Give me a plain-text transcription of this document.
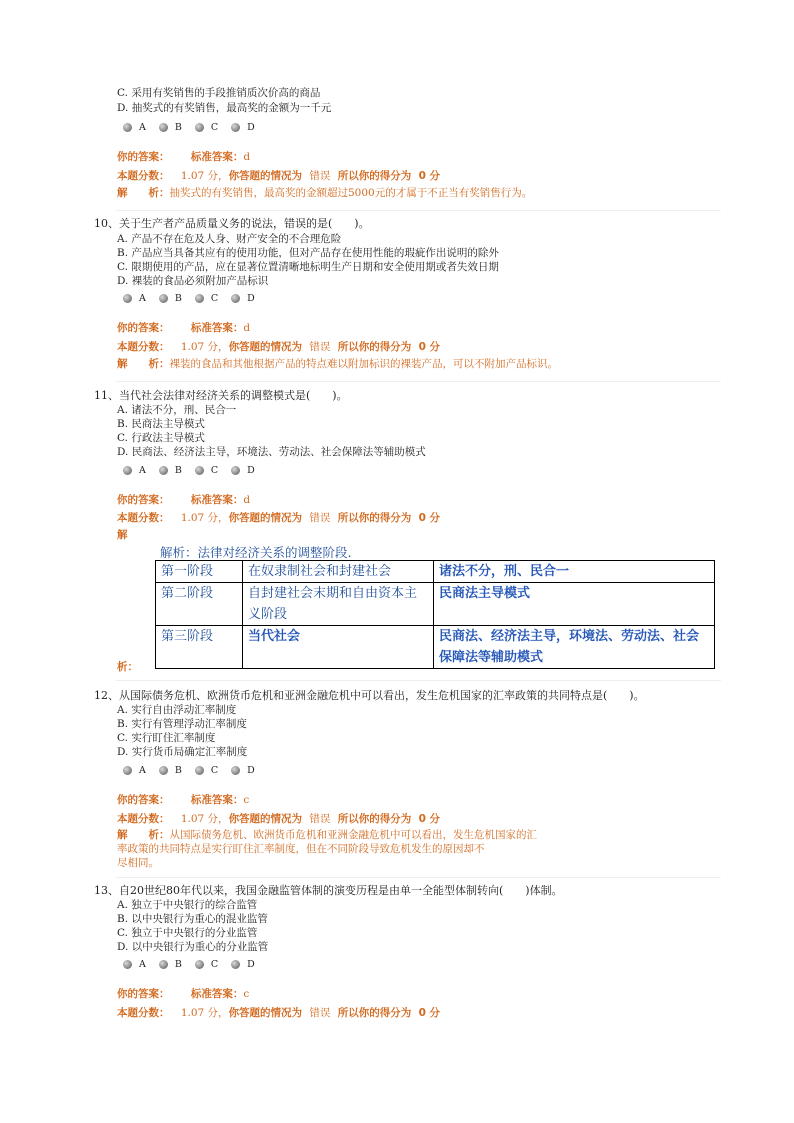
C. 采用有奖销售的手段推销质次价高的商品
D. 抽奖式的有奖销售，最高奖的金额为一千元
A	B	C	D
你的答案： 标准答案：d
本题分数： 1.07 分，你答题的情况为 错误 所以你的得分为 0 分
解　　析：抽奖式的有奖销售，最高奖的金额超过5000元的才属于不正当有奖销售行为。
10、关于生产者产品质量义务的说法，错误的是(　　)。
A. 产品不存在危及人身、财产安全的不合理危险
B. 产品应当具备其应有的使用功能，但对产品存在使用性能的瑕疵作出说明的除外
C. 限期使用的产品，应在显著位置清晰地标明生产日期和安全使用期或者失效日期
D. 裸装的食品必须附加产品标识
A	B	C	D
你的答案： 标准答案：d
本题分数： 1.07 分，你答题的情况为 错误 所以你的得分为 0 分
解　　析：裸装的食品和其他根据产品的特点难以附加标识的裸装产品，可以不附加产品标识。
11、当代社会法律对经济关系的调整模式是(　　)。
A. 诸法不分，刑、民合一
B. 民商法主导模式
C. 行政法主导模式
D. 民商法、经济法主导，环境法、劳动法、社会保障法等辅助模式
A	B	C	D
你的答案： 标准答案：d
本题分数： 1.07 分，你答题的情况为 错误 所以你的得分为 0 分
解
解析：法律对经济关系的调整阶段.
第一阶段	在奴隶制社会和封建社会	诸法不分，刑、民合一
第二阶段	自封建社会末期和自由资本主义阶段	民商法主导模式
第三阶段	当代社会	民商法、经济法主导，环境法、劳动法、社会保障法等辅助模式
析：
12、从国际债务危机、欧洲货币危机和亚洲金融危机中可以看出，发生危机国家的汇率政策的共同特点是(　　)。
A. 实行自由浮动汇率制度
B. 实行有管理浮动汇率制度
C. 实行盯住汇率制度
D. 实行货币局确定汇率制度
A	B	C	D
你的答案： 标准答案：c
本题分数： 1.07 分，你答题的情况为 错误 所以你的得分为 0 分
解　　析：从国际债务危机、欧洲货币危机和亚洲金融危机中可以看出，发生危机国家的汇
率政策的共同特点是实行盯住汇率制度，但在不同阶段导致危机发生的原因却不
尽相同。
13、自20世纪80年代以来，我国金融监管体制的演变历程是由单一全能型体制转向(　　)体制。
A. 独立于中央银行的综合监管
B. 以中央银行为重心的混业监管
C. 独立于中央银行的分业监管
D. 以中央银行为重心的分业监管
A	B	C	D
你的答案： 标准答案：c
本题分数： 1.07 分，你答题的情况为 错误 所以你的得分为 0 分
